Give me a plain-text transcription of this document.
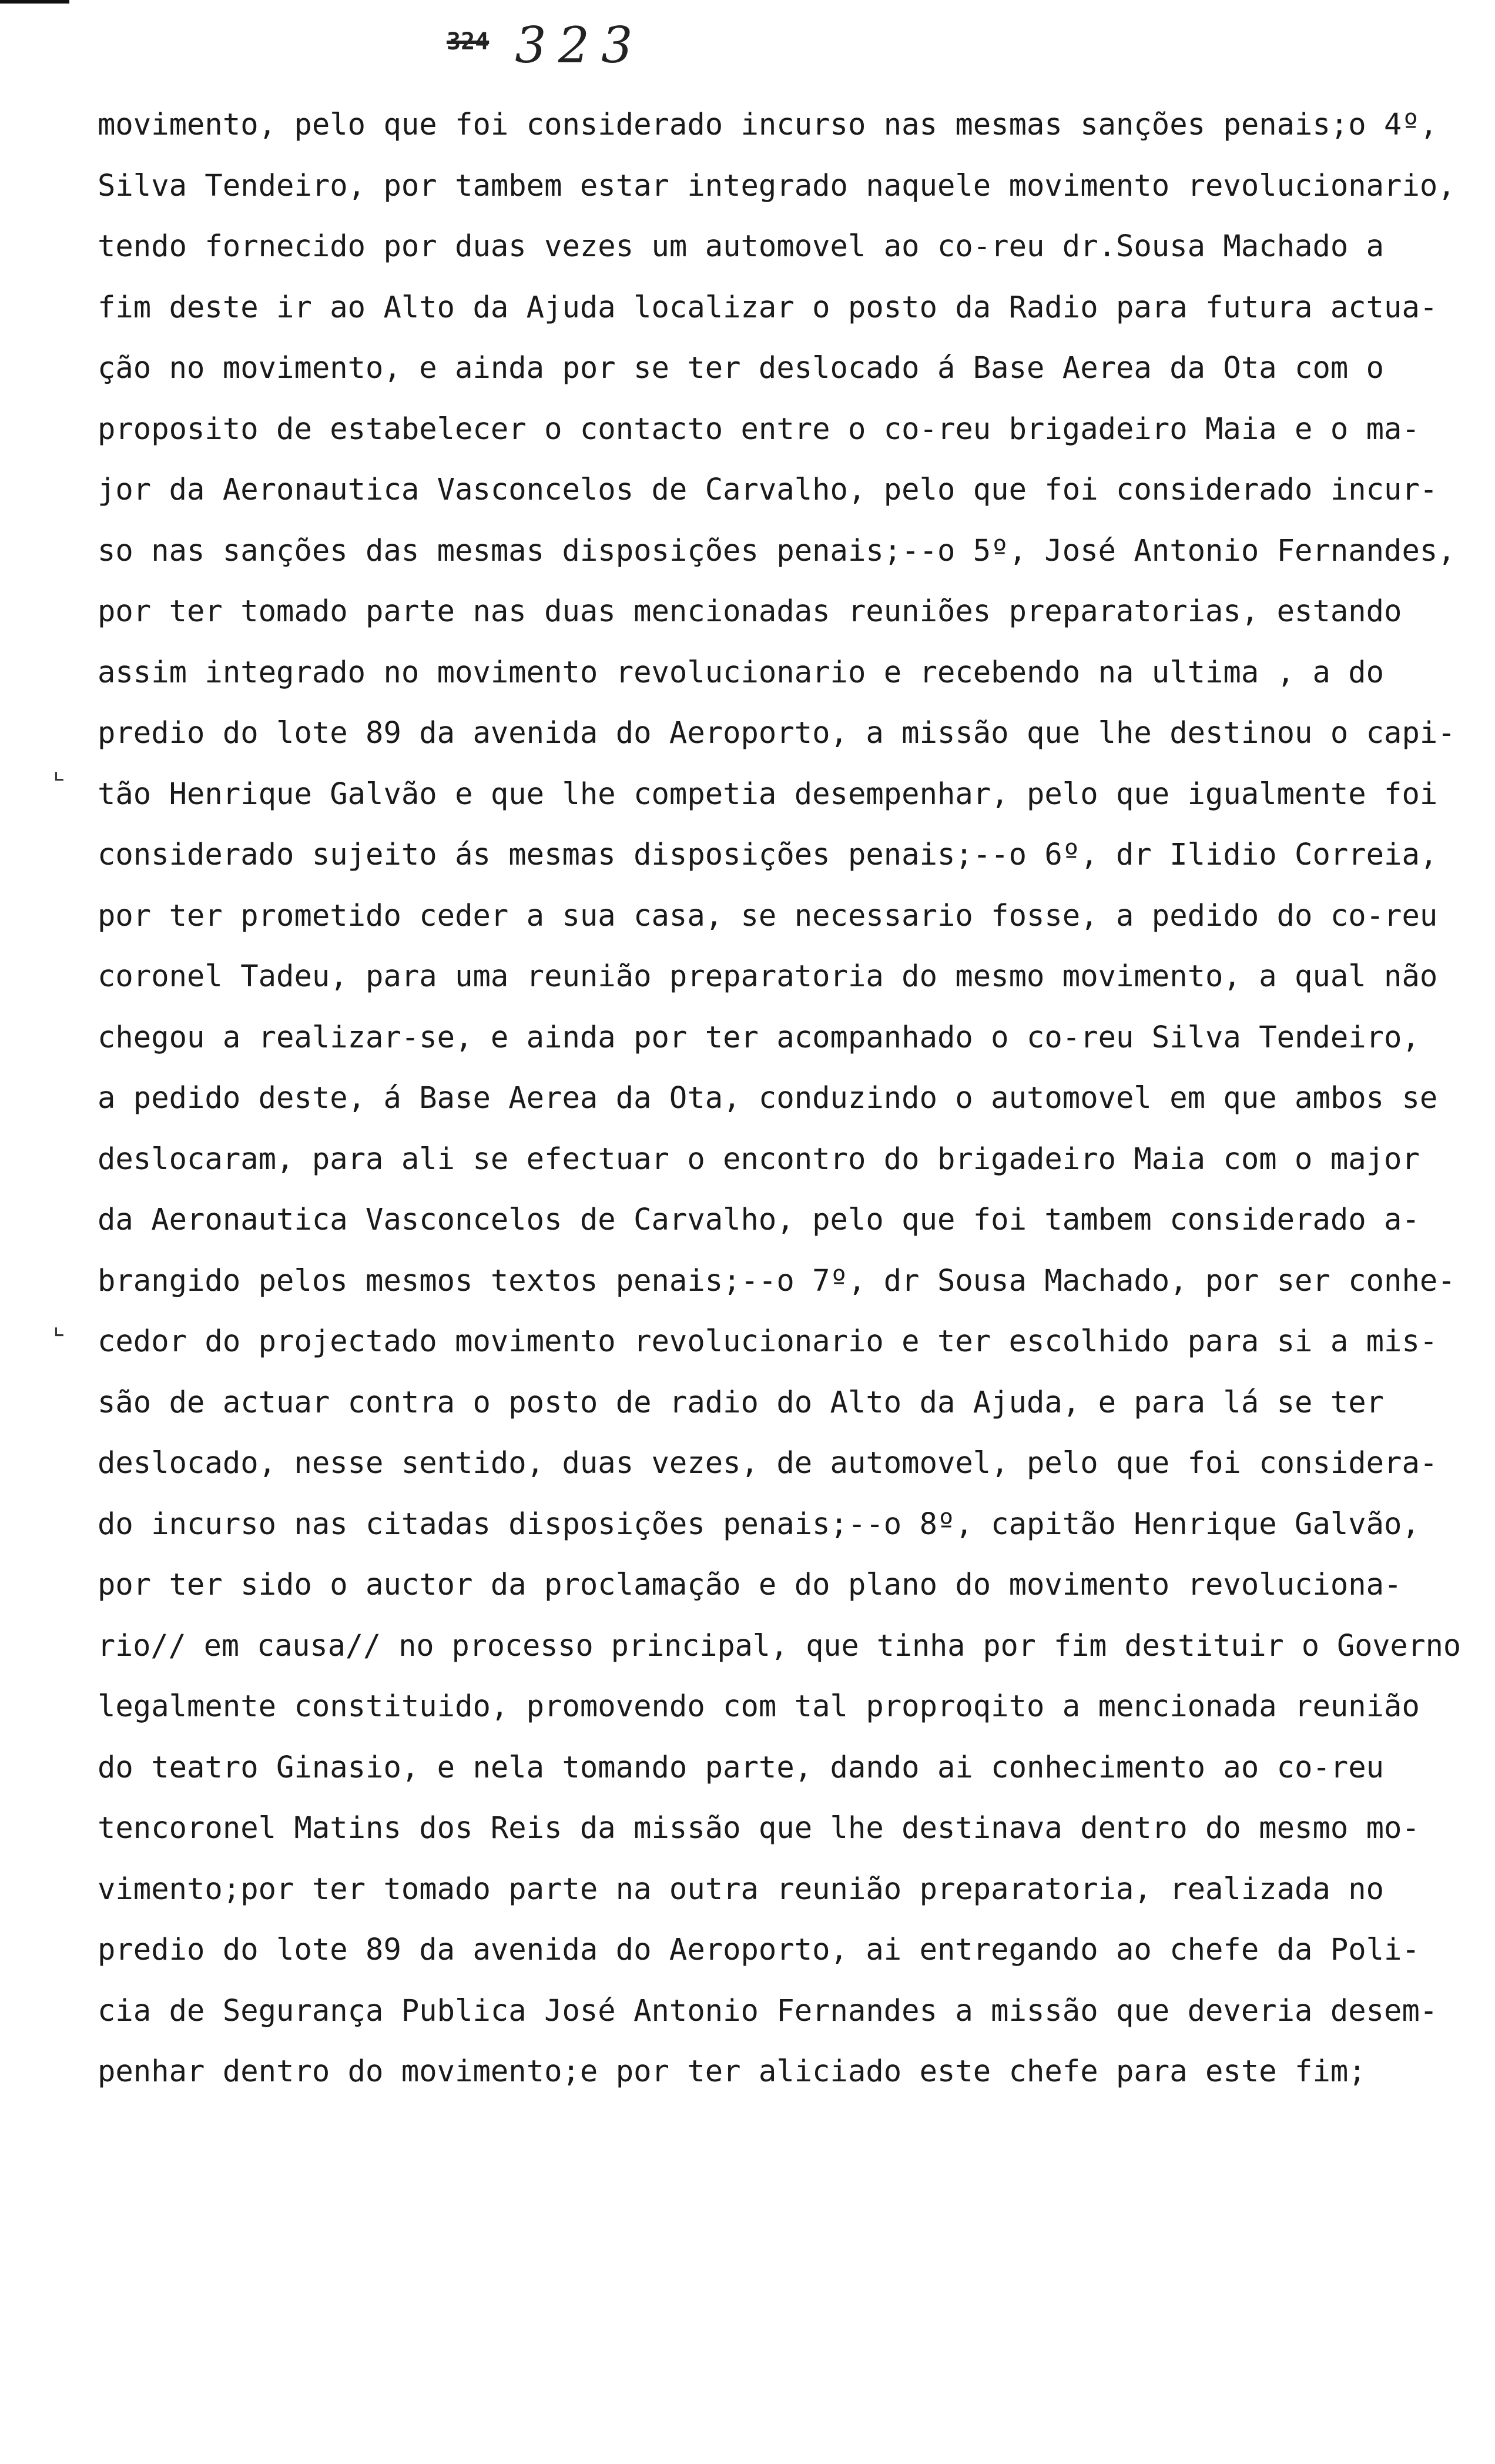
324 323
⌞
⌞
movimento, pelo que foi considerado incurso nas mesmas sanções penais;o 4º,
Silva Tendeiro, por tambem estar integrado naquele movimento revolucionario,
tendo fornecido por duas vezes um automovel ao co-reu dr.Sousa Machado a
fim deste ir ao Alto da Ajuda localizar o posto da Radio para futura actua-
ção no movimento, e ainda por se ter deslocado á Base Aerea da Ota com o
proposito de estabelecer o contacto entre o co-reu brigadeiro Maia e o ma-
jor da Aeronautica Vasconcelos de Carvalho, pelo que foi considerado incur-
so nas sanções das mesmas disposições penais;--o 5º, José Antonio Fernandes,
por ter tomado parte nas duas mencionadas reuniões preparatorias, estando
assim integrado no movimento revolucionario e recebendo na ultima , a do
predio do lote 89 da avenida do Aeroporto, a missão que lhe destinou o capi-
tão Henrique Galvão e que lhe competia desempenhar, pelo que igualmente foi
considerado sujeito ás mesmas disposições penais;--o 6º, dr Ilidio Correia,
por ter prometido ceder a sua casa, se necessario fosse, a pedido do co-reu
coronel Tadeu, para uma reunião preparatoria do mesmo movimento, a qual não
chegou a realizar-se, e ainda por ter acompanhado o co-reu Silva Tendeiro,
a pedido deste, á Base Aerea da Ota, conduzindo o automovel em que ambos se
deslocaram, para ali se efectuar o encontro do brigadeiro Maia com o major
da Aeronautica Vasconcelos de Carvalho, pelo que foi tambem considerado a-
brangido pelos mesmos textos penais;--o 7º, dr Sousa Machado, por ser conhe-
cedor do projectado movimento revolucionario e ter escolhido para si a mis-
são de actuar contra o posto de radio do Alto da Ajuda, e para lá se ter
deslocado, nesse sentido, duas vezes, de automovel, pelo que foi considera-
do incurso nas citadas disposições penais;--o 8º, capitão Henrique Galvão,
por ter sido o auctor da proclamação e do plano do movimento revoluciona-
rio// em causa// no processo principal, que tinha por fim destituir o Governo
legalmente constituido, promovendo com tal proproqito a mencionada reunião
do teatro Ginasio, e nela tomando parte, dando ai conhecimento ao co-reu
tencoronel Matins dos Reis da missão que lhe destinava dentro do mesmo mo-
vimento;por ter tomado parte na outra reunião preparatoria, realizada no
predio do lote 89 da avenida do Aeroporto, ai entregando ao chefe da Poli-
cia de Segurança Publica José Antonio Fernandes a missão que deveria desem-
penhar dentro do movimento;e por ter aliciado este chefe para este fim;
